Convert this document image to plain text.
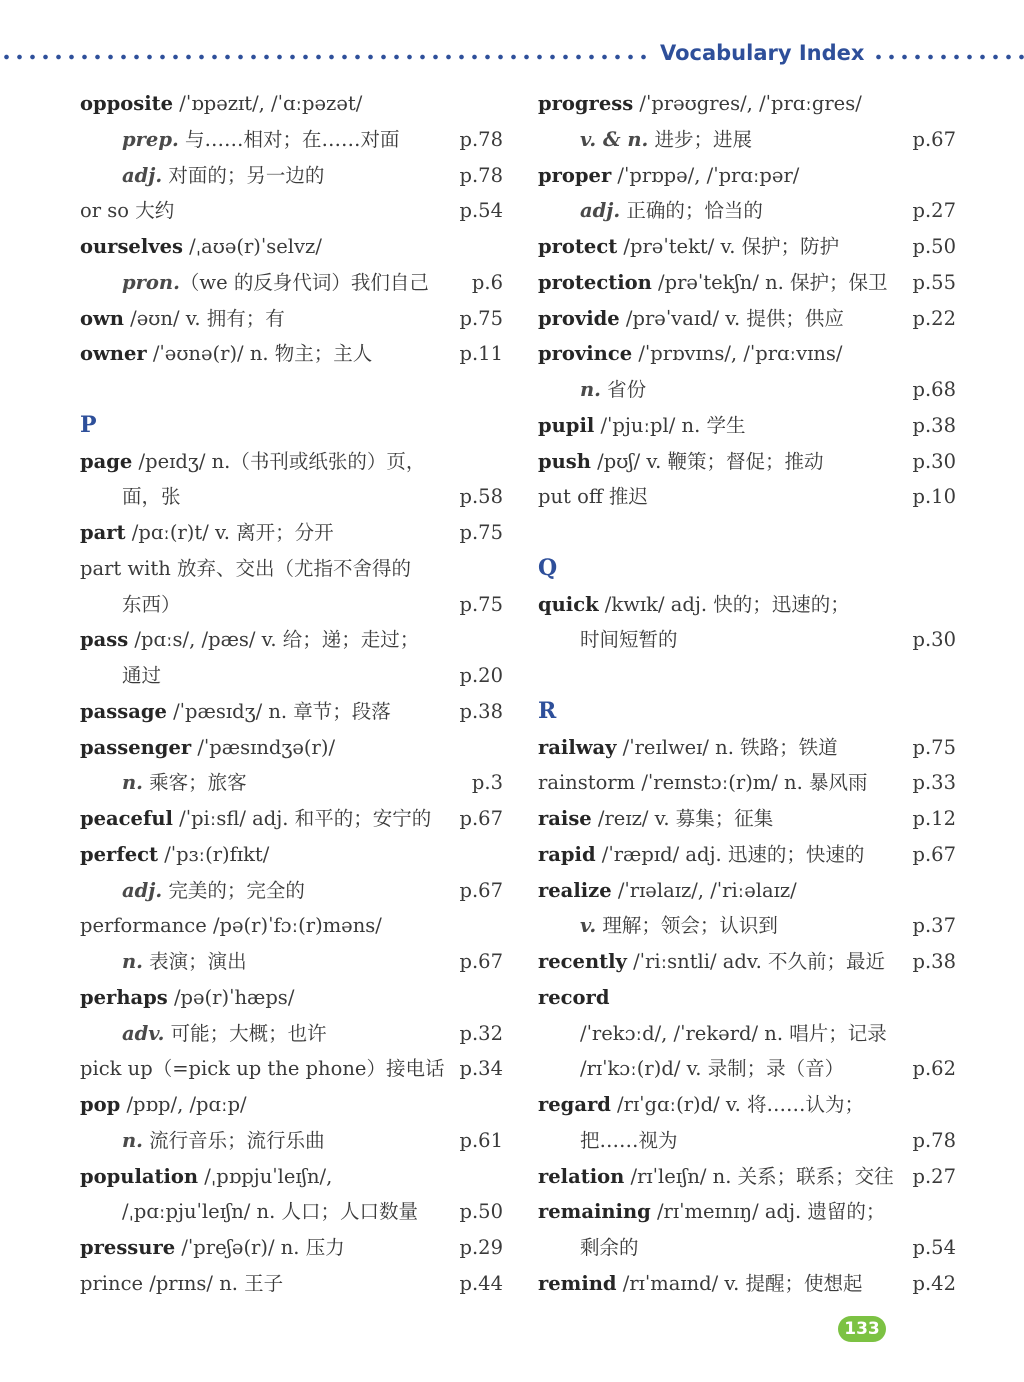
Vocabulary Index
opposite /ˈɒpəzɪt/, /ˈɑːpəzət/
prep. 与……相对；在……对面	p.78
adj. 对面的；另一边的	p.78
or so 大约	p.54
ourselves /ˌaʊə(r)ˈselvz/
pron.（we 的反身代词）我们自己 p.6
own /əʊn/ v. 拥有；有	p.75
owner /ˈəʊnə(r)/ n. 物主；主人	p.11
P
page /peɪdʒ/ n.（书刊或纸张的）页，
面，张	p.58
part /pɑː(r)t/ v. 离开；分开	p.75
part with 放弃、交出（尤指不舍得的
东西）	p.75
pass /pɑːs/, /pæs/ v. 给；递；走过；
通过	p.20
passage /ˈpæsɪdʒ/ n. 章节；段落	p.38
passenger /ˈpæsɪndʒə(r)/
n. 乘客；旅客	p.3
peaceful /ˈpiːsfl/ adj. 和平的；安宁的 p.67
perfect /ˈpɜː(r)fɪkt/
adj. 完美的；完全的	p.67
performance /pə(r)ˈfɔː(r)məns/
n. 表演；演出	p.67
perhaps /pə(r)ˈhæps/
adv. 可能；大概；也许	p.32
pick up（=pick up the phone）接电话 p.34
pop /pɒp/, /pɑːp/
n. 流行音乐；流行乐曲	p.61
population /ˌpɒpjuˈleɪʃn/,
/ˌpɑːpjuˈleɪʃn/ n. 人口；人口数量 p.50
pressure /ˈpreʃə(r)/ n. 压力	p.29
prince /prɪns/ n. 王子	p.44
progress /ˈprəʊgres/, /ˈprɑːgres/
v. & n. 进步；进展	p.67
proper /ˈprɒpə/, /ˈprɑːpər/
adj. 正确的；恰当的	p.27
protect /prəˈtekt/ v. 保护；防护	p.50
protection /prəˈtekʃn/ n. 保护；保卫 p.55
provide /prəˈvaɪd/ v. 提供；供应	p.22
province /ˈprɒvɪns/, /ˈprɑːvɪns/
n. 省份	p.68
pupil /ˈpjuːpl/ n. 学生	p.38
push /pʊʃ/ v. 鞭策；督促；推动	p.30
put off 推迟	p.10
Q
quick /kwɪk/ adj. 快的；迅速的；
时间短暂的	p.30
R
railway /ˈreɪlweɪ/ n. 铁路；铁道	p.75
rainstorm /ˈreɪnstɔː(r)m/ n. 暴风雨 p.33
raise /reɪz/ v. 募集；征集	p.12
rapid /ˈræpɪd/ adj. 迅速的；快速的 p.67
realize /ˈrɪəlaɪz/, /ˈriːəlaɪz/
v. 理解；领会；认识到	p.37
recently /ˈriːsntli/ adv. 不久前；最近 p.38
record
/ˈrekɔːd/, /ˈrekərd/ n. 唱片；记录
/rɪˈkɔː(r)d/ v. 录制；录（音）	p.62
regard /rɪˈgɑː(r)d/ v. 将……认为；
把……视为	p.78
relation /rɪˈleɪʃn/ n. 关系；联系；交往 p.27
remaining /rɪˈmeɪnɪŋ/ adj. 遗留的；
剩余的	p.54
remind /rɪˈmaɪnd/ v. 提醒；使想起	p.42
133
